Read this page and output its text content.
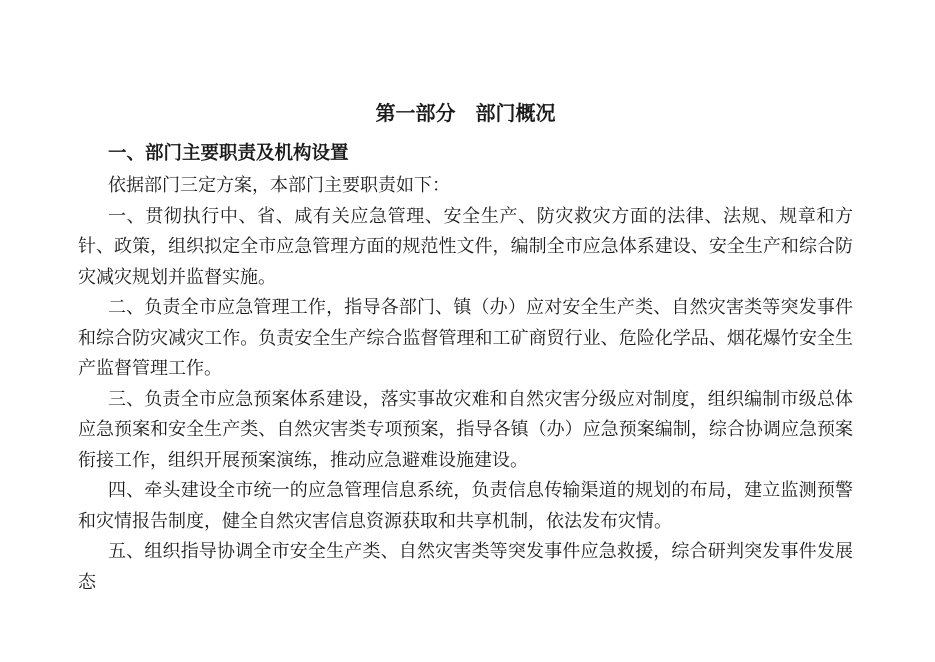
第一部分　部门概况
一、部门主要职责及机构设置

依据部门三定方案，本部门主要职责如下：

一、贯彻执行中、省、咸有关应急管理、安全生产、防灾救灾方面的法律、法规、规章和方针、政策，组织拟定全市应急管理方面的规范性文件，编制全市应急体系建设、安全生产和综合防灾减灾规划并监督实施。

二、负责全市应急管理工作，指导各部门、镇（办）应对安全生产类、自然灾害类等突发事件和综合防灾减灾工作。负责安全生产综合监督管理和工矿商贸行业、危险化学品、烟花爆竹安全生产监督管理工作。

三、负责全市应急预案体系建设，落实事故灾难和自然灾害分级应对制度，组织编制市级总体应急预案和安全生产类、自然灾害类专项预案，指导各镇（办）应急预案编制，综合协调应急预案衔接工作，组织开展预案演练，推动应急避难设施建设。

四、牵头建设全市统一的应急管理信息系统，负责信息传输渠道的规划的布局，建立监测预警和灾情报告制度，健全自然灾害信息资源获取和共享机制，依法发布灾情。

五、组织指导协调全市安全生产类、自然灾害类等突发事件应急救援，综合研判突发事件发展态
